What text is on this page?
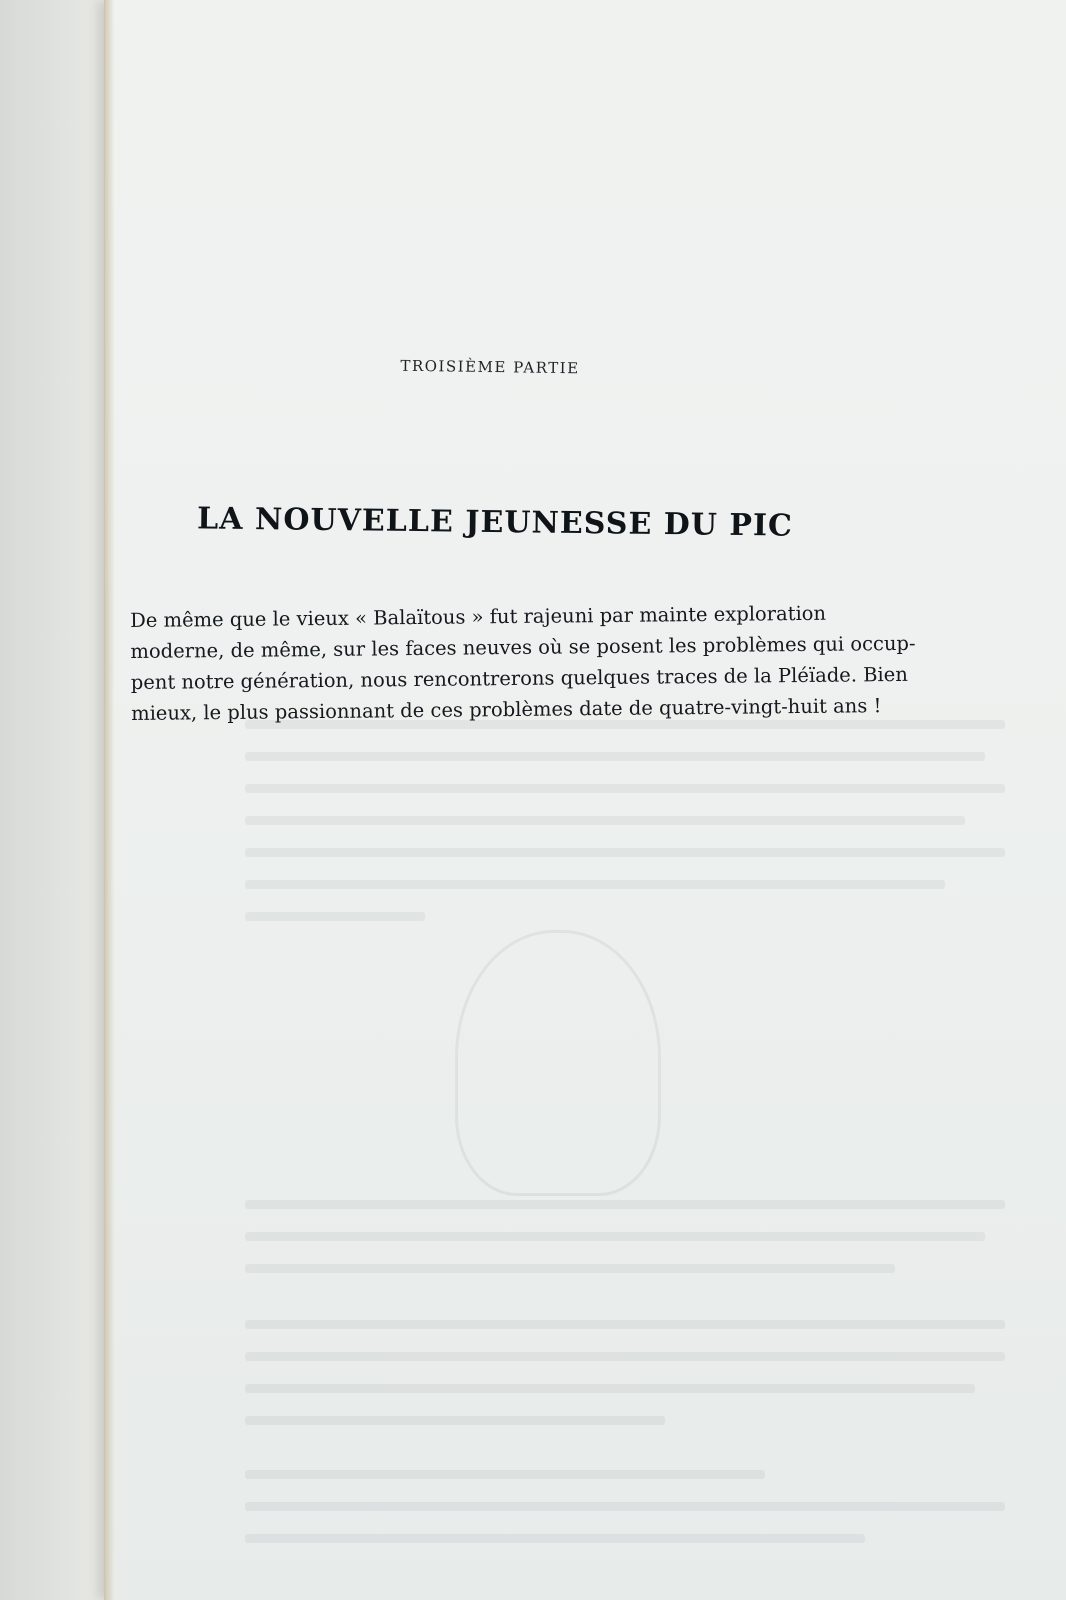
TROISIÈME PARTIE
LA NOUVELLE JEUNESSE DU PIC
De même que le vieux « Balaïtous » fut rajeuni par mainte exploration
moderne, de même, sur les faces neuves où se posent les problèmes qui occup-
pent notre génération, nous rencontrerons quelques traces de la Pléïade. Bien
mieux, le plus passionnant de ces problèmes date de quatre-vingt-huit ans !
